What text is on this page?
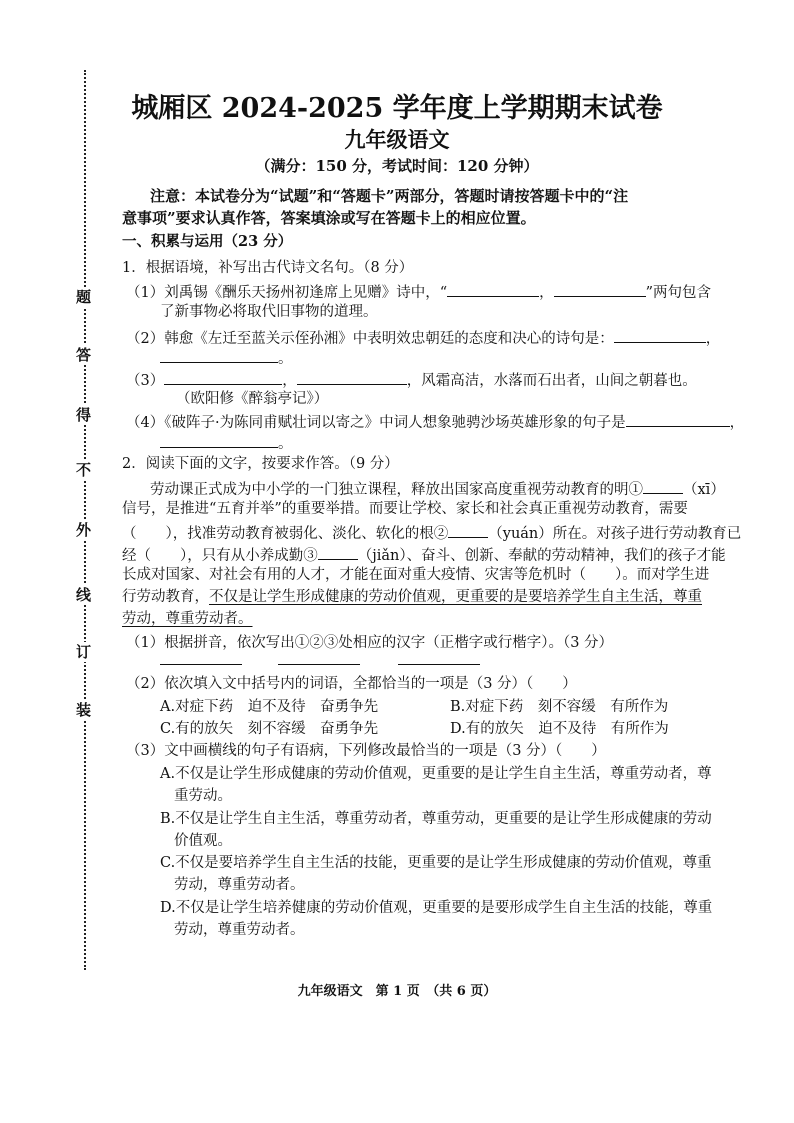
装
订
线
外
不
得
答
题
城厢区 2024-2025 学年度上学期期末试卷
九年级语文
（满分：150 分，考试时间：120 分钟）
注意：本试卷分为“试题”和“答题卡”两部分，答题时请按答题卡中的“注
意事项”要求认真作答，答案填涂或写在答题卡上的相应位置。
一、积累与运用（23 分）
1．根据语境，补写出古代诗文名句。（8 分）
（1）刘禹锡《酬乐天扬州初逢席上见赠》诗中，“	，	”两句包含
了新事物必将取代旧事物的道理。
（2）韩愈《左迁至蓝关示侄孙湘》中表明效忠朝廷的态度和决心的诗句是：	，
。
（3）	，	，风霜高洁，水落而石出者，山间之朝暮也。
（欧阳修《醉翁亭记》）
（4）《破阵子·为陈同甫赋壮词以寄之》中词人想象驰骋沙场英雄形象的句子是	，
。
2．阅读下面的文字，按要求作答。（9 分）
劳动课正式成为中小学的一门独立课程，释放出国家高度重视劳动教育的明①	（xī）
信号，是推进“五育并举”的重要举措。而要让学校、家长和社会真正重视劳动教育，需要
（　　），找准劳动教育被弱化、淡化、软化的根②	（yuán）所在。对孩子进行劳动教育已
经（　　），只有从小养成勤③	（jiǎn）、奋斗、创新、奉献的劳动精神，我们的孩子才能
长成对国家、对社会有用的人才，才能在面对重大疫情、灾害等危机时（　　）。而对学生进
行劳动教育，不仅是让学生形成健康的劳动价值观，更重要的是要培养学生自主生活，尊重
劳动，尊重劳动者。
（1）根据拼音，依次写出①②③处相应的汉字（正楷字或行楷字）。（3 分）
（2）依次填入文中括号内的词语，全都恰当的一项是（3 分）（　　）
A.对症下药　迫不及待　奋勇争先	B.对症下药　刻不容缓　有所作为
C.有的放矢　刻不容缓　奋勇争先	D.有的放矢　迫不及待　有所作为
（3）文中画横线的句子有语病，下列修改最恰当的一项是（3 分）（　　）
A.不仅是让学生形成健康的劳动价值观，更重要的是让学生自主生活，尊重劳动者，尊
重劳动。
B.不仅是让学生自主生活，尊重劳动者，尊重劳动，更重要的是让学生形成健康的劳动
价值观。
C.不仅是要培养学生自主生活的技能，更重要的是让学生形成健康的劳动价值观，尊重
劳动，尊重劳动者。
D.不仅是让学生培养健康的劳动价值观，更重要的是要形成学生自主生活的技能，尊重
劳动，尊重劳动者。
九年级语文　第 1 页　（共 6 页）
